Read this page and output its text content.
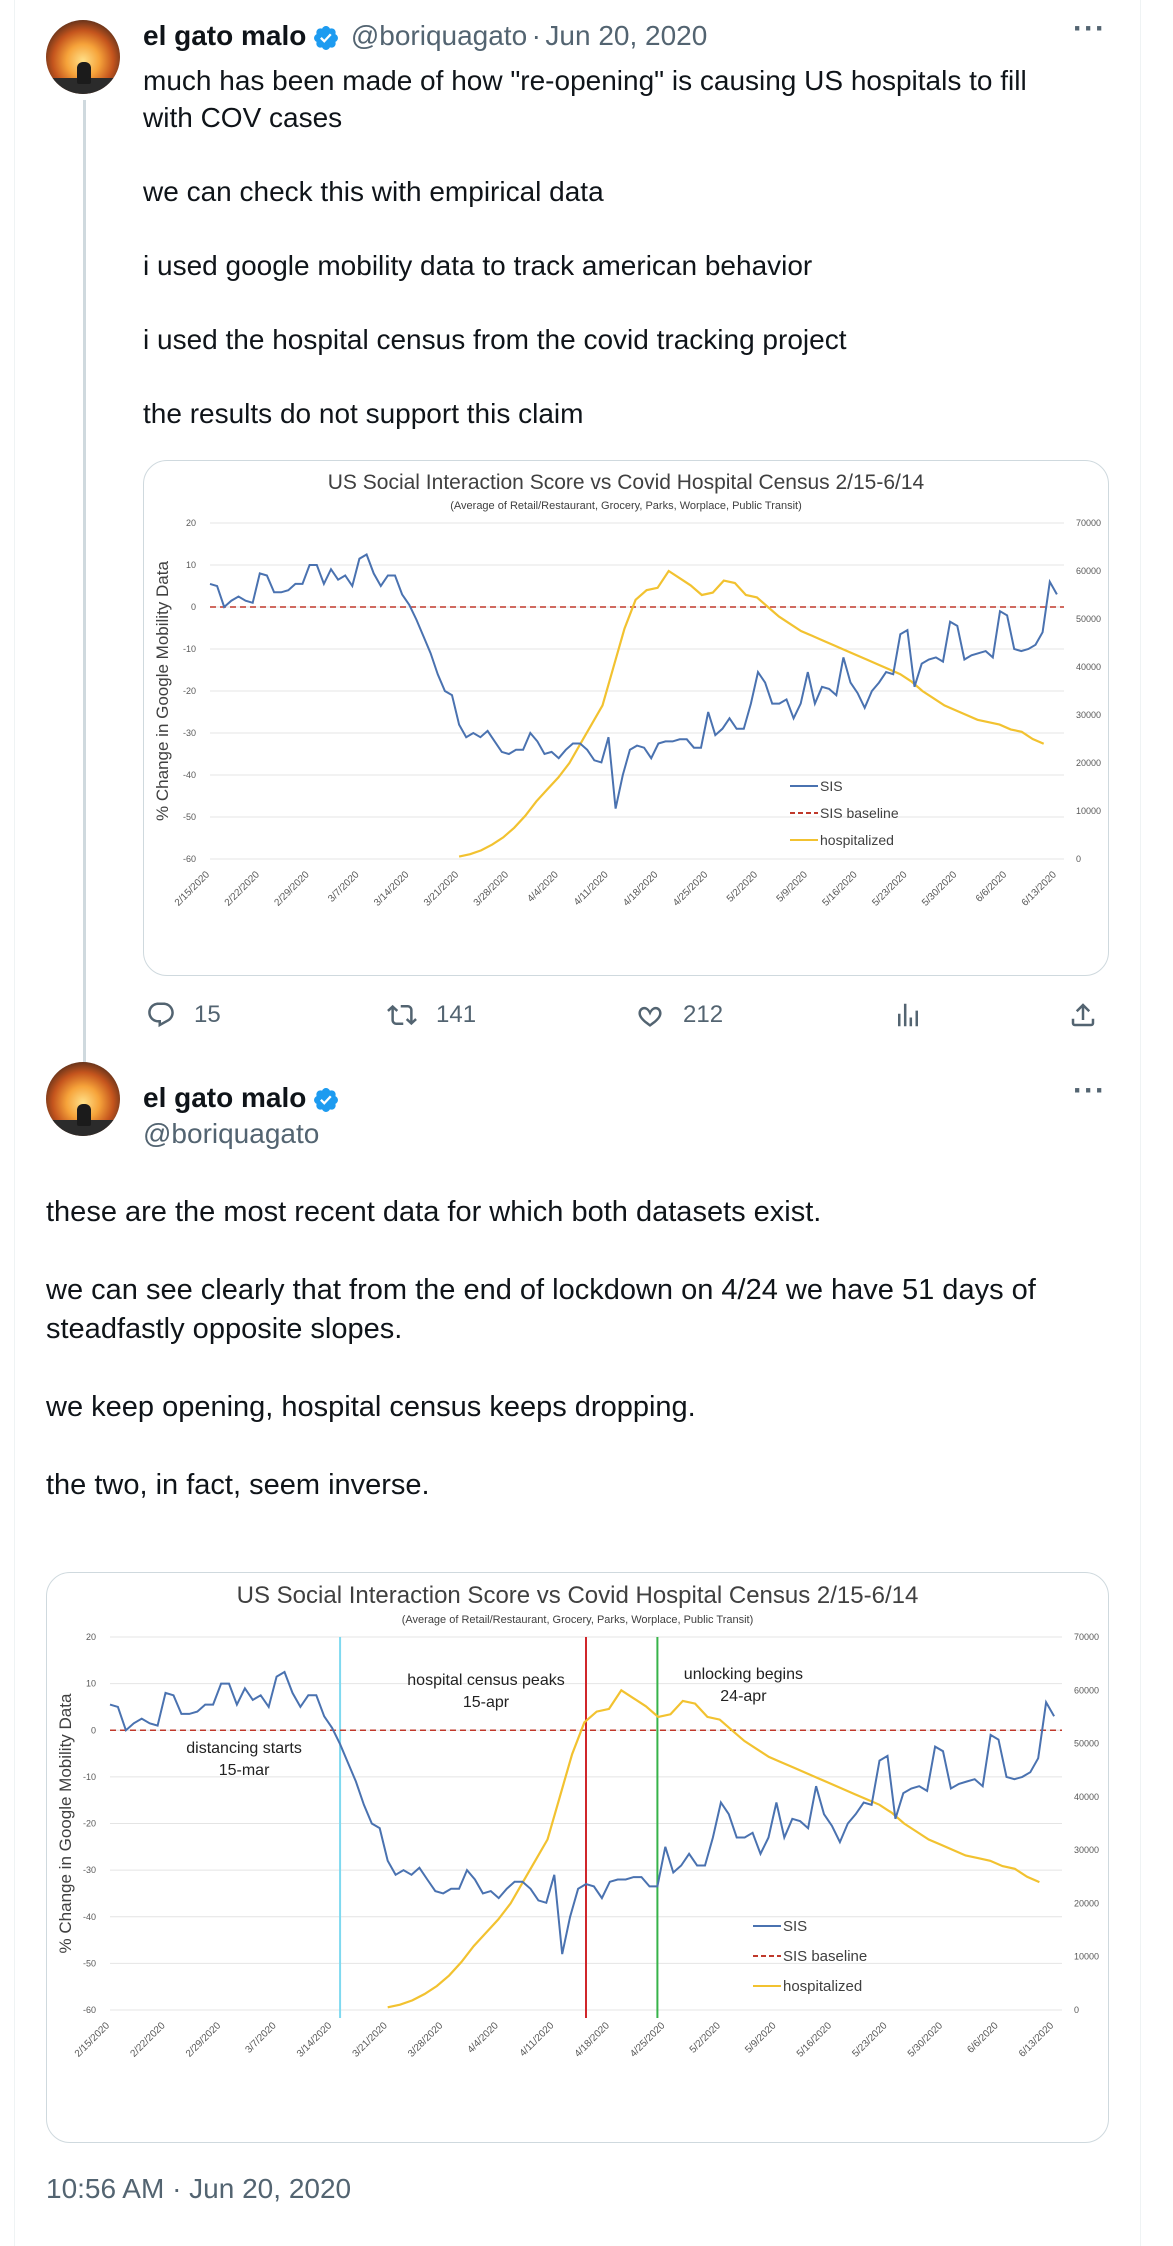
el gato malo @boriquagato · Jun 20, 2020	···

much has been made of how "re-opening" is causing US hospitals to fill with COV cases

we can check this with empirical data

i used google mobility data to track american behavior

i used the hospital census from the covid tracking project

the results do not support this claim

US Social Interaction Score vs Covid Hospital Census 2/15-6/14
(Average of Retail/Restaurant, Grocery, Parks, Worplace, Public Transit)
20
10
0
-10
-20
-30
-40
-50
-60
70000
60000
50000
40000
30000
20000
10000
0
% Change in Google Mobility Data
2/15/2020 2/22/2020 2/29/2020 3/7/2020 3/14/2020 3/21/2020 3/28/2020 4/4/2020 4/11/2020 4/18/2020 4/25/2020 5/2/2020 5/9/2020 5/16/2020 5/23/2020 5/30/2020 6/6/2020 6/13/2020
SIS
SIS baseline
hospitalized
15	141	212
el gato malo
@boriquagato
···

these are the most recent data for which both datasets exist.

we can see clearly that from the end of lockdown on 4/24 we have 51 days of steadfastly opposite slopes.

we keep opening, hospital census keeps dropping.

the two, in fact, seem inverse.

US Social Interaction Score vs Covid Hospital Census 2/15-6/14
(Average of Retail/Restaurant, Grocery, Parks, Worplace, Public Transit)
20
10
0
-10
-20
-30
-40
-50
-60
70000
60000
50000
40000
30000
20000
10000
0
% Change in Google Mobility Data
2/15/2020 2/22/2020 2/29/2020 3/7/2020 3/14/2020 3/21/2020 3/28/2020 4/4/2020 4/11/2020 4/18/2020 4/25/2020 5/2/2020 5/9/2020 5/16/2020 5/23/2020 5/30/2020 6/6/2020 6/13/2020
distancing starts
15-mar
hospital census peaks
15-apr
unlocking begins
24-apr
SIS
SIS baseline
hospitalized
10:56 AM · Jun 20, 2020
